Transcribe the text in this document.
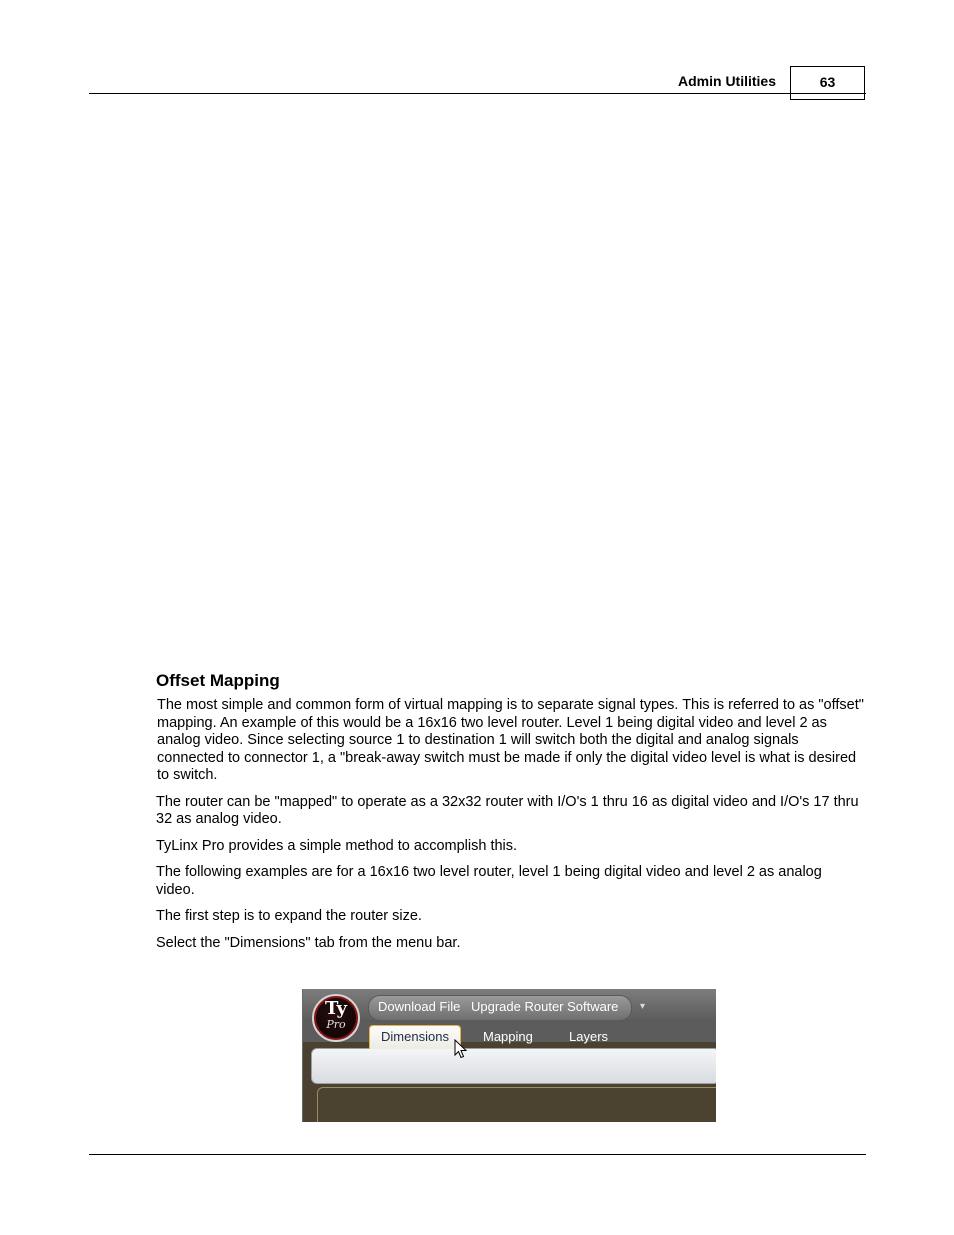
Admin Utilities	63
Offset Mapping

The most simple and common form of virtual mapping is to separate signal types. This is referred to as "offset" mapping. An example of this would be a 16x16 two level router. Level 1 being digital video and level 2 as analog video. Since selecting source 1 to destination 1 will switch both the digital and analog signals connected to connector 1, a "break-away switch must be made if only the digital video level is what is desired to switch.

The router can be "mapped" to operate as a 32x32 router with I/O's 1 thru 16 as digital video and I/O's 17 thru 32 as analog video.

TyLinx Pro provides a simple method to accomplish this.

The following examples are for a 16x16 two level router, level 1 being digital video and level 2 as analog video.

The first step is to expand the router size.

Select the "Dimensions" tab from the menu bar.

Ty
Pro
Download File Upgrade Router Software ▾
Dimensions	Mapping	Layers
